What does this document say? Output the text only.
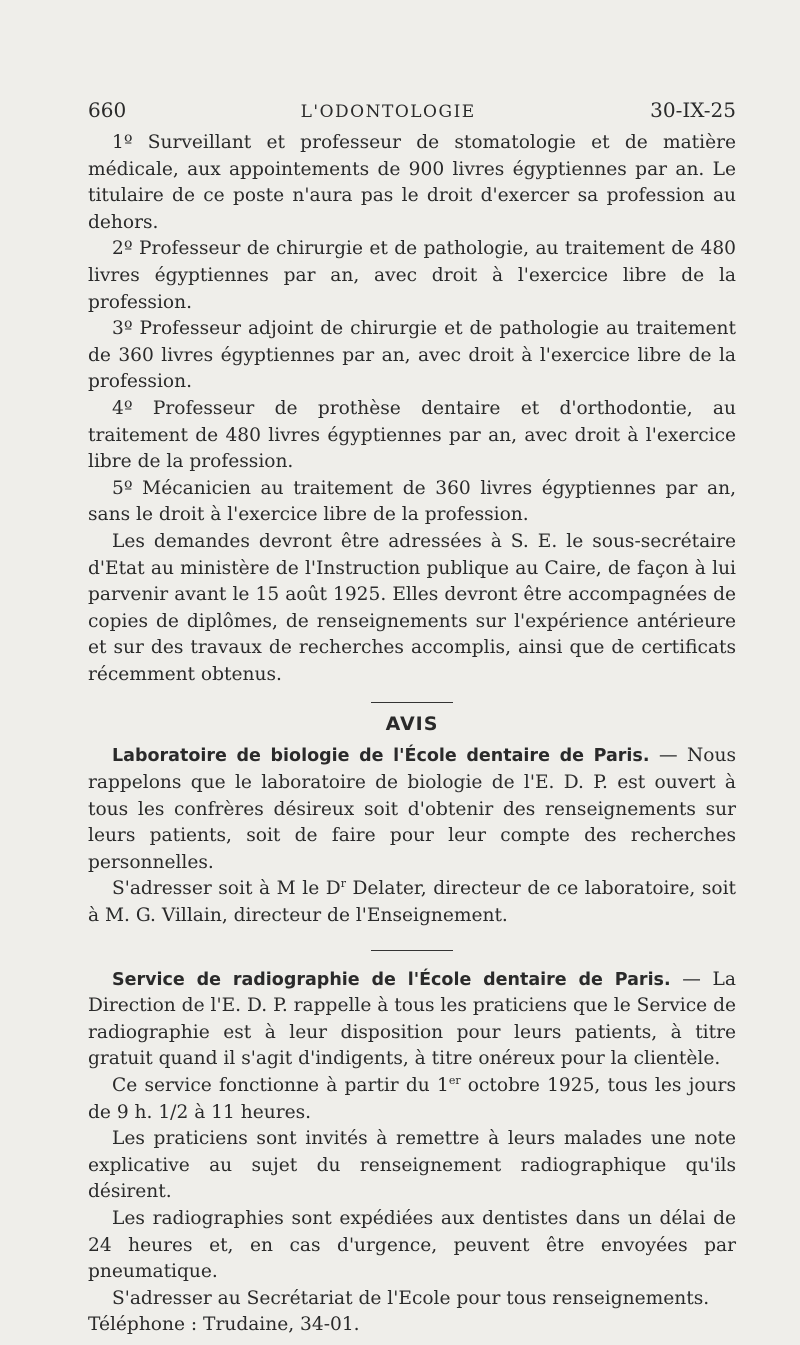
660	L'ODONTOLOGIE	30-IX-25

1º Surveillant et professeur de stomatologie et de matière médicale, aux appointements de 900 livres égyptiennes par an. Le titulaire de ce poste n'aura pas le droit d'exercer sa profession au dehors.

2º Professeur de chirurgie et de pathologie, au traitement de 480 livres égyptiennes par an, avec droit à l'exercice libre de la profession.

3º Professeur adjoint de chirurgie et de pathologie au traitement de 360 livres égyptiennes par an, avec droit à l'exercice libre de la profession.

4º Professeur de prothèse dentaire et d'orthodontie, au traitement de 480 livres égyptiennes par an, avec droit à l'exercice libre de la profession.

5º Mécanicien au traitement de 360 livres égyptiennes par an, sans le droit à l'exercice libre de la profession.

Les demandes devront être adressées à S. E. le sous-secrétaire d'Etat au ministère de l'Instruction publique au Caire, de façon à lui parvenir avant le 15 août 1925. Elles devront être accompagnées de copies de diplômes, de renseignements sur l'expérience antérieure et sur des travaux de recherches accomplis, ainsi que de certificats récemment obtenus.

AVIS

Laboratoire de biologie de l'École dentaire de Paris. — Nous rappelons que le laboratoire de biologie de l'E. D. P. est ouvert à tous les confrères désireux soit d'obtenir des renseignements sur leurs patients, soit de faire pour leur compte des recherches personnelles.

S'adresser soit à M le $D^r$ Delater, directeur de ce laboratoire, soit à M. G. Villain, directeur de l'Enseignement.

Service de radiographie de l'École dentaire de Paris. — La Direction de l'E. D. P. rappelle à tous les praticiens que le Service de radiographie est à leur disposition pour leurs patients, à titre gratuit quand il s'agit d'indigents, à titre onéreux pour la clientèle.

Ce service fonctionne à partir du 1er octobre 1925, tous les jours de 9 h. 1/2 à 11 heures.

Les praticiens sont invités à remettre à leurs malades une note explicative au sujet du renseignement radiographique qu'ils désirent.

Les radiographies sont expédiées aux dentistes dans un délai de 24 heures et, en cas d'urgence, peuvent être envoyées par pneumatique.

S'adresser au Secrétariat de l'Ecole pour tous renseignements.

Téléphone : Trudaine, 34-01.
